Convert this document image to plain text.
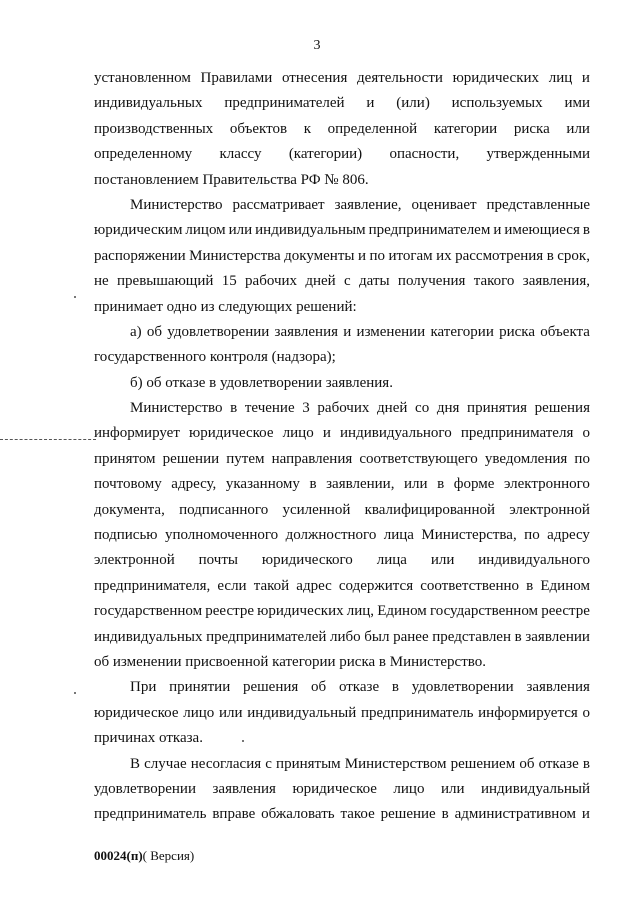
3
установленном Правилами отнесения деятельности юридических лиц и
индивидуальных предпринимателей и (или) используемых ими
производственных объектов к определенной категории риска или
определенному классу (категории) опасности, утвержденными
постановлением Правительства РФ № 806.
Министерство рассматривает заявление, оценивает представленные
юридическим лицом или индивидуальным предпринимателем и имеющиеся в
распоряжении Министерства документы и по итогам их рассмотрения в срок,
не превышающий 15 рабочих дней с даты получения такого заявления,
принимает одно из следующих решений:
а) об удовлетворении заявления и изменении категории риска объекта
государственного контроля (надзора);
б) об отказе в удовлетворении заявления.
Министерство в течение 3 рабочих дней со дня принятия решения
информирует юридическое лицо и индивидуального предпринимателя о
принятом решении путем направления соответствующего уведомления по
почтовому адресу, указанному в заявлении, или в форме электронного
документа, подписанного усиленной квалифицированной электронной
подписью уполномоченного должностного лица Министерства, по адресу
электронной почты юридического лица или индивидуального
предпринимателя, если такой адрес содержится соответственно в Едином
государственном реестре юридических лиц, Едином государственном реестре
индивидуальных предпринимателей либо был ранее представлен в заявлении
об изменении присвоенной категории риска в Министерство.
При принятии решения об отказе в удовлетворении заявления
юридическое лицо или индивидуальный предприниматель информируется о
причинах отказа.
В случае несогласия с принятым Министерством решением об отказе в
удовлетворении заявления юридическое лицо или индивидуальный
предприниматель вправе обжаловать такое решение в административном и
00024(п)( Версия)
